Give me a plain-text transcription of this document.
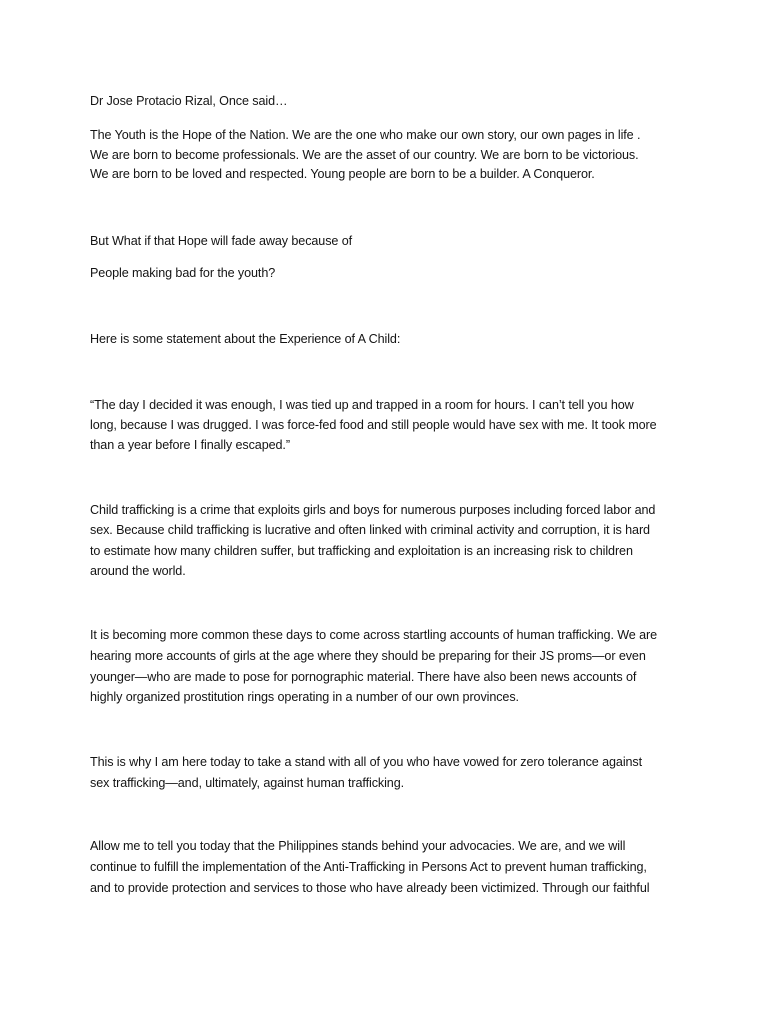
Dr Jose Protacio Rizal, Once said…

The Youth is the Hope of the Nation. We are the one who make our own story, our own pages in life .

We are born to become professionals. We are the asset of our country. We are born to be victorious.

We are born to be loved and respected. Young people are born to be a builder. A Conqueror.

But What if that Hope will fade away because of

People making bad for the youth?

Here is some statement about the Experience of A Child:

“The day I decided it was enough, I was tied up and trapped in a room for hours. I can’t tell you how

long, because I was drugged. I was force-fed food and still people would have sex with me. It took more

than a year before I finally escaped.”

Child trafficking is a crime that exploits girls and boys for numerous purposes including forced labor and

sex. Because child trafficking is lucrative and often linked with criminal activity and corruption, it is hard

to estimate how many children suffer, but trafficking and exploitation is an increasing risk to children

around the world.

It is becoming more common these days to come across startling accounts of human trafficking. We are

hearing more accounts of girls at the age where they should be preparing for their JS proms—or even

younger—who are made to pose for pornographic material. There have also been news accounts of

highly organized prostitution rings operating in a number of our own provinces.

This is why I am here today to take a stand with all of you who have vowed for zero tolerance against

sex trafficking—and, ultimately, against human trafficking.

Allow me to tell you today that the Philippines stands behind your advocacies. We are, and we will

continue to fulfill the implementation of the Anti-Trafficking in Persons Act to prevent human trafficking,

and to provide protection and services to those who have already been victimized. Through our faithful
